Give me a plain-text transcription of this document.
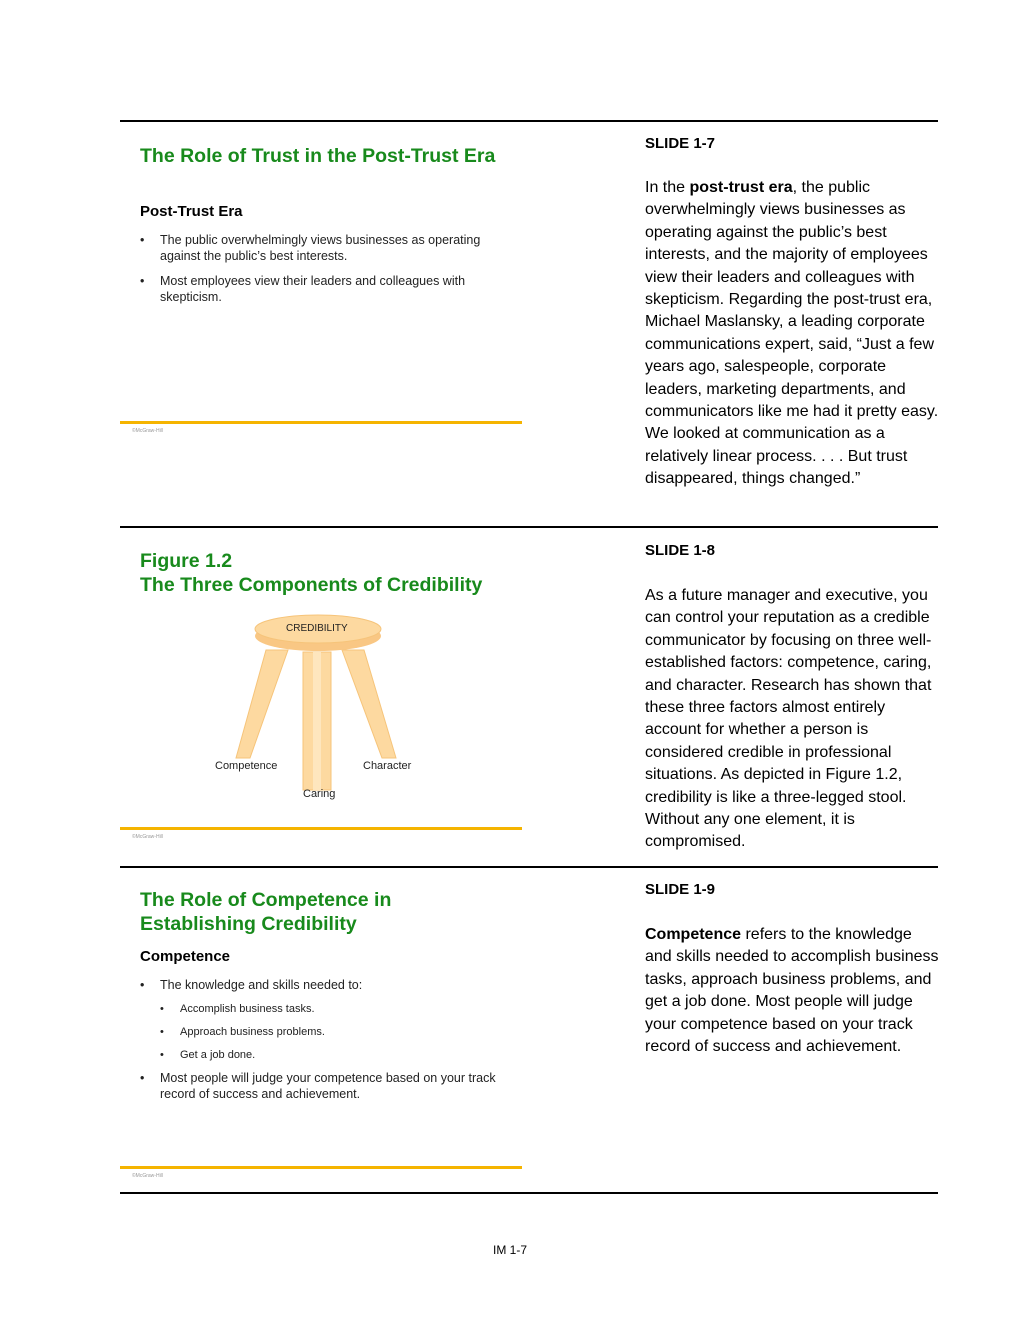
The Role of Trust in the Post-Trust Era
Post-Trust Era
• The public overwhelmingly views businesses as operating against the public’s best interests.
• Most employees view their leaders and colleagues with skepticism.
©McGraw-Hill

SLIDE 1-7

In the post-trust era, the public overwhelmingly views businesses as operating against the public’s best interests, and the majority of employees view their leaders and colleagues with skepticism. Regarding the post-trust era, Michael Maslansky, a leading corporate communications expert, said, “Just a few years ago, salespeople, corporate leaders, marketing departments, and communicators like me had it pretty easy. We looked at communication as a relatively linear process. . . . But trust disappeared, things changed.”

Figure 1.2
The Three Components of Credibility
CREDIBILITY
Competence	Character
Caring
©McGraw-Hill

SLIDE 1-8

As a future manager and executive, you can control your reputation as a credible communicator by focusing on three well-established factors: competence, caring, and character. Research has shown that these three factors almost entirely account for whether a person is considered credible in professional situations. As depicted in Figure 1.2, credibility is like a three-legged stool. Without any one element, it is compromised.

The Role of Competence in Establishing Credibility
Competence
• The knowledge and skills needed to:
• Accomplish business tasks.
• Approach business problems.
• Get a job done.
• Most people will judge your competence based on your track record of success and achievement.
©McGraw-Hill

SLIDE 1-9

Competence refers to the knowledge and skills needed to accomplish business tasks, approach business problems, and get a job done. Most people will judge your competence based on your track record of success and achievement.

IM 1-7
